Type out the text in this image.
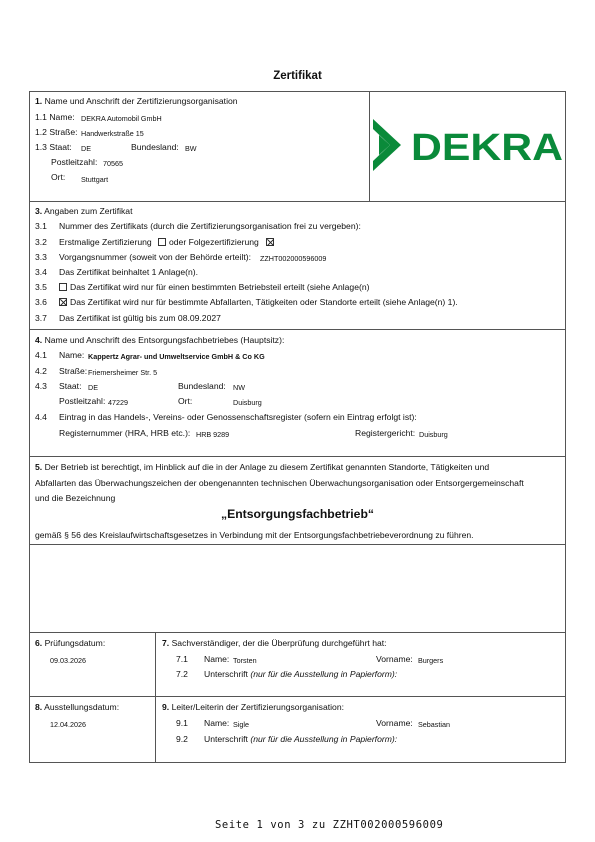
Zertifikat
1. Name und Anschrift der Zertifizierungsorganisation
1.1 Name: DEKRA Automobil GmbH
1.2 Straße: Handwerkstraße 15
1.3 Staat: DE	Bundesland: BW
Postleitzahl: 70565
Ort: Stuttgart
DEKRA
3. Angaben zum Zertifikat
3.1 Nummer des Zertifikats (durch die Zertifizierungsorganisation frei zu vergeben):
3.2 Erstmalige Zertifizierung oder Folgezertifizierung
3.3 Vorgangsnummer (soweit von der Behörde erteilt): ZZHT002000596009
3.4 Das Zertifikat beinhaltet 1 Anlage(n).
3.5	Das Zertifikat wird nur für einen bestimmten Betriebsteil erteilt (siehe Anlage(n)
3.6	Das Zertifikat wird nur für bestimmte Abfallarten, Tätigkeiten oder Standorte erteilt (siehe Anlage(n) 1).
3.7 Das Zertifikat ist gültig bis zum 08.09.2027
4. Name und Anschrift des Entsorgungsfachbetriebes (Hauptsitz):
4.1 Name: Kappertz Agrar- und Umweltservice GmbH & Co KG
4.2 Straße: Friemersheimer Str. 5
4.3 Staat: DE	Bundesland: NW
Postleitzahl: 47229	Ort:	Duisburg
4.4 Eintrag in das Handels-, Vereins- oder Genossenschaftsregister (sofern ein Eintrag erfolgt ist):
Registernummer (HRA, HRB etc.): HRB 9289	Registergericht: Duisburg
5. Der Betrieb ist berechtigt, im Hinblick auf die in der Anlage zu diesem Zertifikat genannten Standorte, Tätigkeiten und
Abfallarten das Überwachungszeichen der obengenannten technischen Überwachungsorganisation oder Entsorgergemeinschaft
und die Bezeichnung
„Entsorgungsfachbetrieb“
gemäß § 56 des Kreislaufwirtschaftsgesetzes in Verbindung mit der Entsorgungsfachbetriebeverordnung zu führen.
6. Prüfungsdatum:
09.03.2026
7. Sachverständiger, der die Überprüfung durchgeführt hat:
7.1 Name: Torsten	Vorname: Burgers
7.2 Unterschrift (nur für die Ausstellung in Papierform):
8. Ausstellungsdatum:
12.04.2026
9. Leiter/Leiterin der Zertifizierungsorganisation:
9.1 Name: Sigle	Vorname: Sebastian
9.2 Unterschrift (nur für die Ausstellung in Papierform):
Seite 1 von 3 zu ZZHT002000596009
